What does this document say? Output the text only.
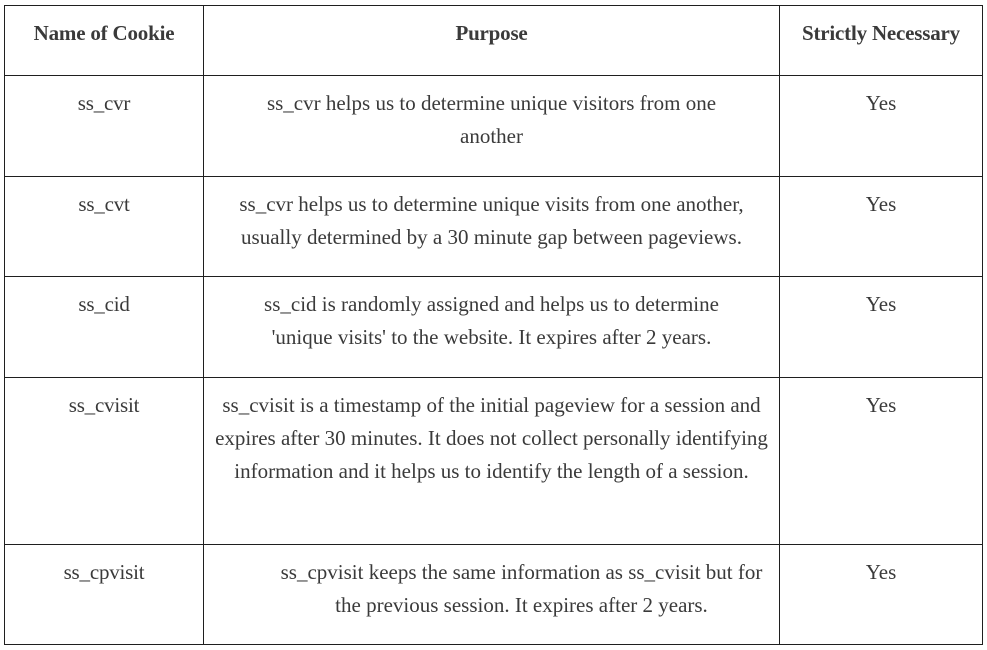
Name of Cookie	Purpose	Strictly Necessary
ss_cvr	ss_cvr helps us to determine unique visitors from one another	Yes
ss_cvt	ss_cvr helps us to determine unique visits from one another, usually determined by a 30 minute gap between pageviews.	Yes
ss_cid	ss_cid is randomly assigned and helps us to determine 'unique visits' to the website. It expires after 2 years.	Yes
ss_cvisit	ss_cvisit is a timestamp of the initial pageview for a session and expires after 30 minutes. It does not collect personally identifying information and it helps us to identify the length of a session.	Yes
ss_cpvisit	ss_cpvisit keeps the same information as ss_cvisit but for the previous session. It expires after 2 years.	Yes
